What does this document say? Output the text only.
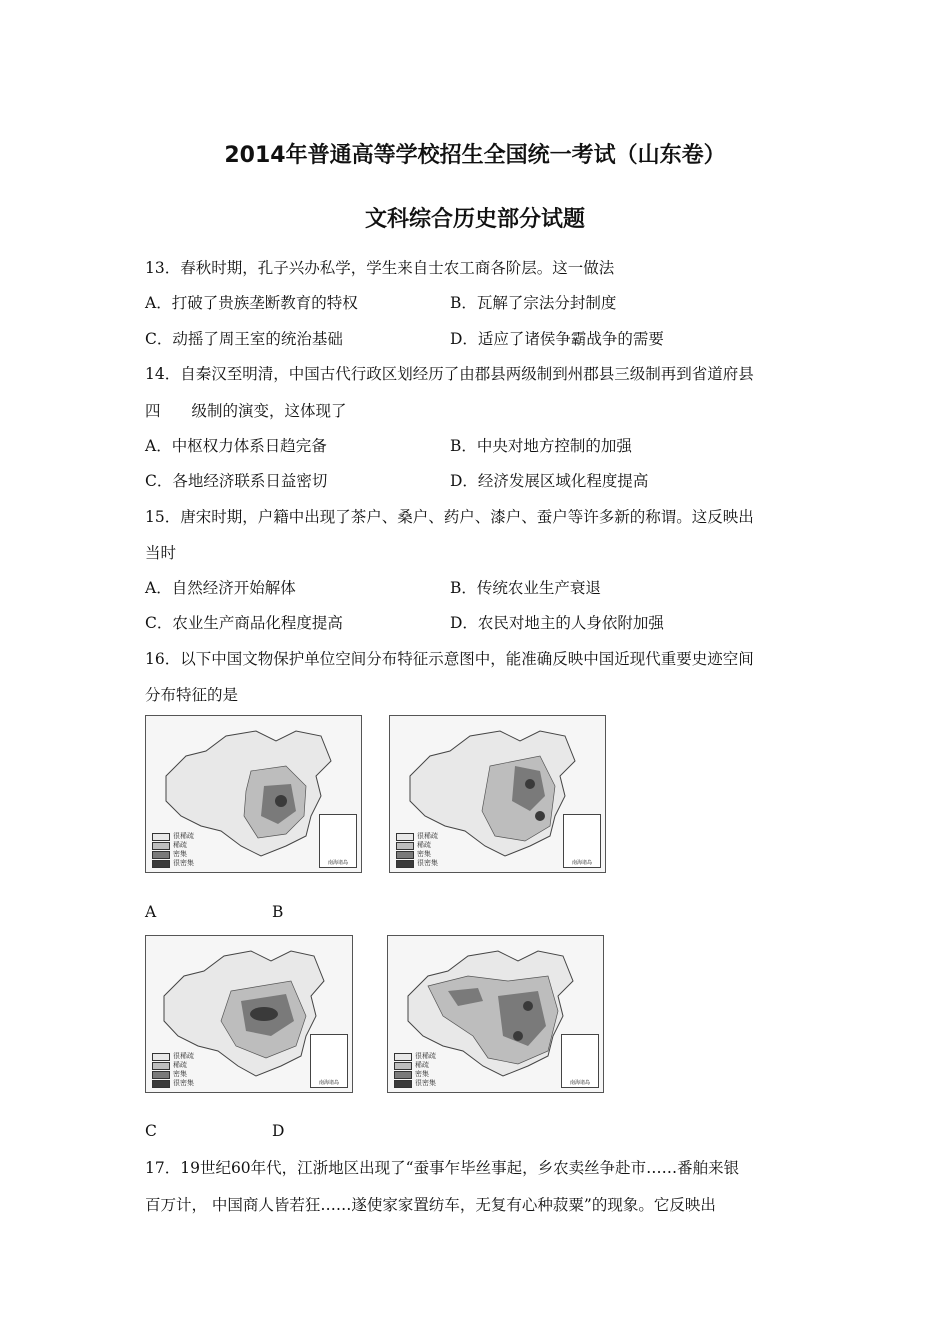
2014年普通高等学校招生全国统一考试（山东卷）
文科综合历史部分试题
13．春秋时期，孔子兴办私学，学生来自士农工商各阶层。这一做法
A．打破了贵族垄断教育的特权	B．瓦解了宗法分封制度
C．动摇了周王室的统治基础	D．适应了诸侯争霸战争的需要
14．自秦汉至明清，中国古代行政区划经历了由郡县两级制到州郡县三级制再到省道府县
四　　级制的演变，这体现了
A．中枢权力体系日趋完备	B．中央对地方控制的加强
C．各地经济联系日益密切	D．经济发展区域化程度提高
15．唐宋时期，户籍中出现了茶户、桑户、药户、漆户、蚕户等许多新的称谓。这反映出
当时
A．自然经济开始解体	B．传统农业生产衰退
C．农业生产商品化程度提高	D．农民对地主的人身依附加强
16．以下中国文物保护单位空间分布特征示意图中，能准确反映中国近现代重要史迹空间
分布特征的是
很稀疏
稀疏
密集
很密集	南海诸岛
很稀疏
稀疏
密集
很密集	南海诸岛
A	B
很稀疏
稀疏
密集
很密集	南海诸岛
很稀疏
稀疏
密集
很密集	南海诸岛
C	D
17．19世纪60年代，江浙地区出现了“蚕事乍毕丝事起，乡农卖丝争赴市……番舶来银
百万计， 中国商人皆若狂……遂使家家置纺车，无复有心种菽粟”的现象。它反映出
